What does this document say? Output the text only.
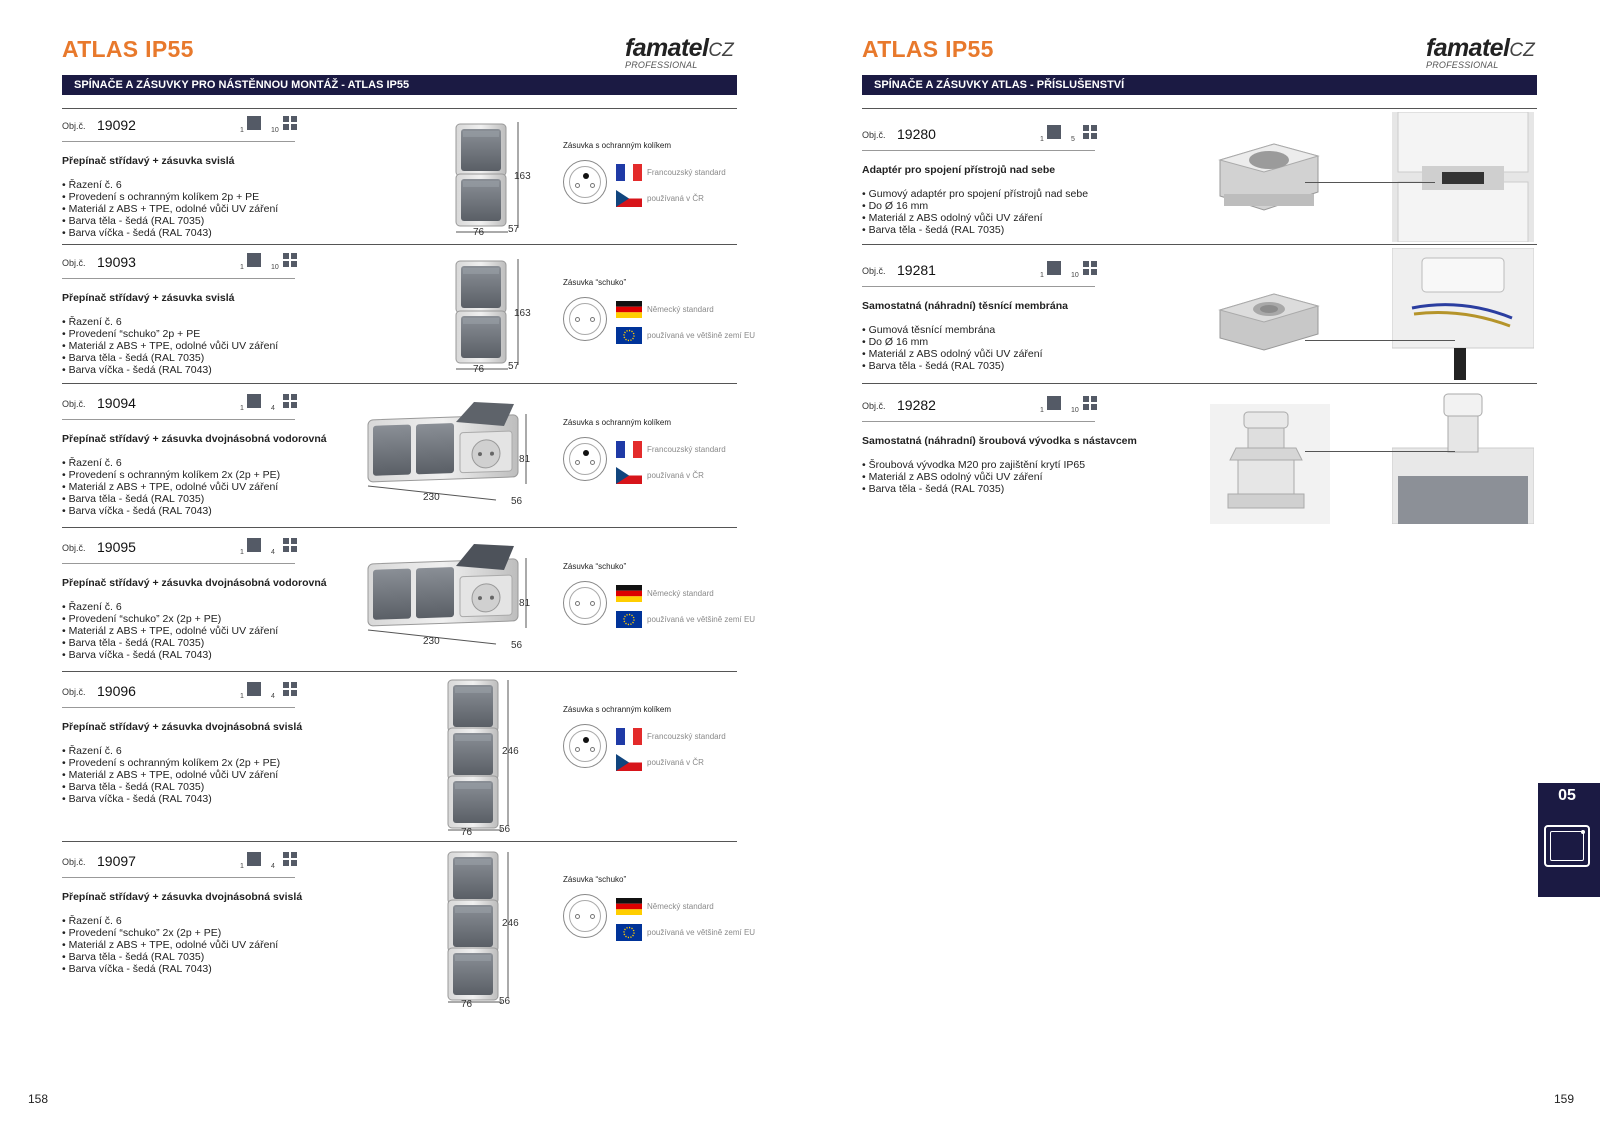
ATLAS IP55	famatelCZ
PROFESSIONAL
SPÍNAČE A ZÁSUVKY PRO NÁSTĚNNOU MONTÁŽ - ATLAS IP55
Obj.č. 19092	1	10
Přepínač střídavý + zásuvka svislá
• Řazení č. 6
• Provedení s ochranným kolíkem 2p + PE
• Materiál z ABS + TPE, odolné vůči UV záření
• Barva těla - šedá (RAL 7035)
• Barva víčka - šedá (RAL 7043)
163
76 57
Zásuvka s ochranným kolíkem
Francouzský standard
používaná v ČR
Obj.č. 19093	1	10
Přepínač střídavý + zásuvka svislá
• Řazení č. 6
• Provedení “schuko” 2p + PE
• Materiál z ABS + TPE, odolné vůči UV záření
• Barva těla - šedá (RAL 7035)
• Barva víčka - šedá (RAL 7043)
163
76 57
Zásuvka “schuko”
Německý standard
používaná ve většině zemí EU
Obj.č. 19094	1	4
Přepínač střídavý + zásuvka dvojnásobná vodorovná
• Řazení č. 6
• Provedení s ochranným kolíkem 2x (2p + PE)
• Materiál z ABS + TPE, odolné vůči UV záření
• Barva těla - šedá (RAL 7035)
• Barva víčka - šedá (RAL 7043)
81
230	56
Zásuvka s ochranným kolíkem
Francouzský standard
používaná v ČR
Obj.č. 19095	1	4
Přepínač střídavý + zásuvka dvojnásobná vodorovná
• Řazení č. 6
• Provedení “schuko” 2x (2p + PE)
• Materiál z ABS + TPE, odolné vůči UV záření
• Barva těla - šedá (RAL 7035)
• Barva víčka - šedá (RAL 7043)
81
230	56
Zásuvka “schuko”
Německý standard
používaná ve většině zemí EU
Obj.č. 19096	1	4
Přepínač střídavý + zásuvka dvojnásobná svislá
• Řazení č. 6
• Provedení s ochranným kolíkem 2x (2p + PE)
• Materiál z ABS + TPE, odolné vůči UV záření
• Barva těla - šedá (RAL 7035)
• Barva víčka - šedá (RAL 7043)
246
76	56
Zásuvka s ochranným kolíkem
Francouzský standard
používaná v ČR
Obj.č. 19097	1	4
Přepínač střídavý + zásuvka dvojnásobná svislá
• Řazení č. 6
• Provedení “schuko” 2x (2p + PE)
• Materiál z ABS + TPE, odolné vůči UV záření
• Barva těla - šedá (RAL 7035)
• Barva víčka - šedá (RAL 7043)
246
76	56
Zásuvka “schuko”
Německý standard
používaná ve většině zemí EU
158
ATLAS IP55	famatelCZ
PROFESSIONAL
SPÍNAČE A ZÁSUVKY ATLAS - PŘÍSLUŠENSTVÍ
Obj.č. 19280	1	5
Adaptér pro spojení přístrojů nad sebe
• Gumový adaptér pro spojení přístrojů nad sebe
• Do Ø 16 mm
• Materiál z ABS odolný vůči UV záření
• Barva těla - šedá (RAL 7035)
Obj.č. 19281	1	10
Samostatná (náhradní) těsnící membrána
• Gumová těsnící membrána
• Do Ø 16 mm
• Materiál z ABS odolný vůči UV záření
• Barva těla - šedá (RAL 7035)
Obj.č. 19282	1	10
Samostatná (náhradní) šroubová vývodka s nástavcem
• Šroubová vývodka M20 pro zajištění krytí IP65
• Materiál z ABS odolný vůči UV záření
• Barva těla - šedá (RAL 7035)
159
05
